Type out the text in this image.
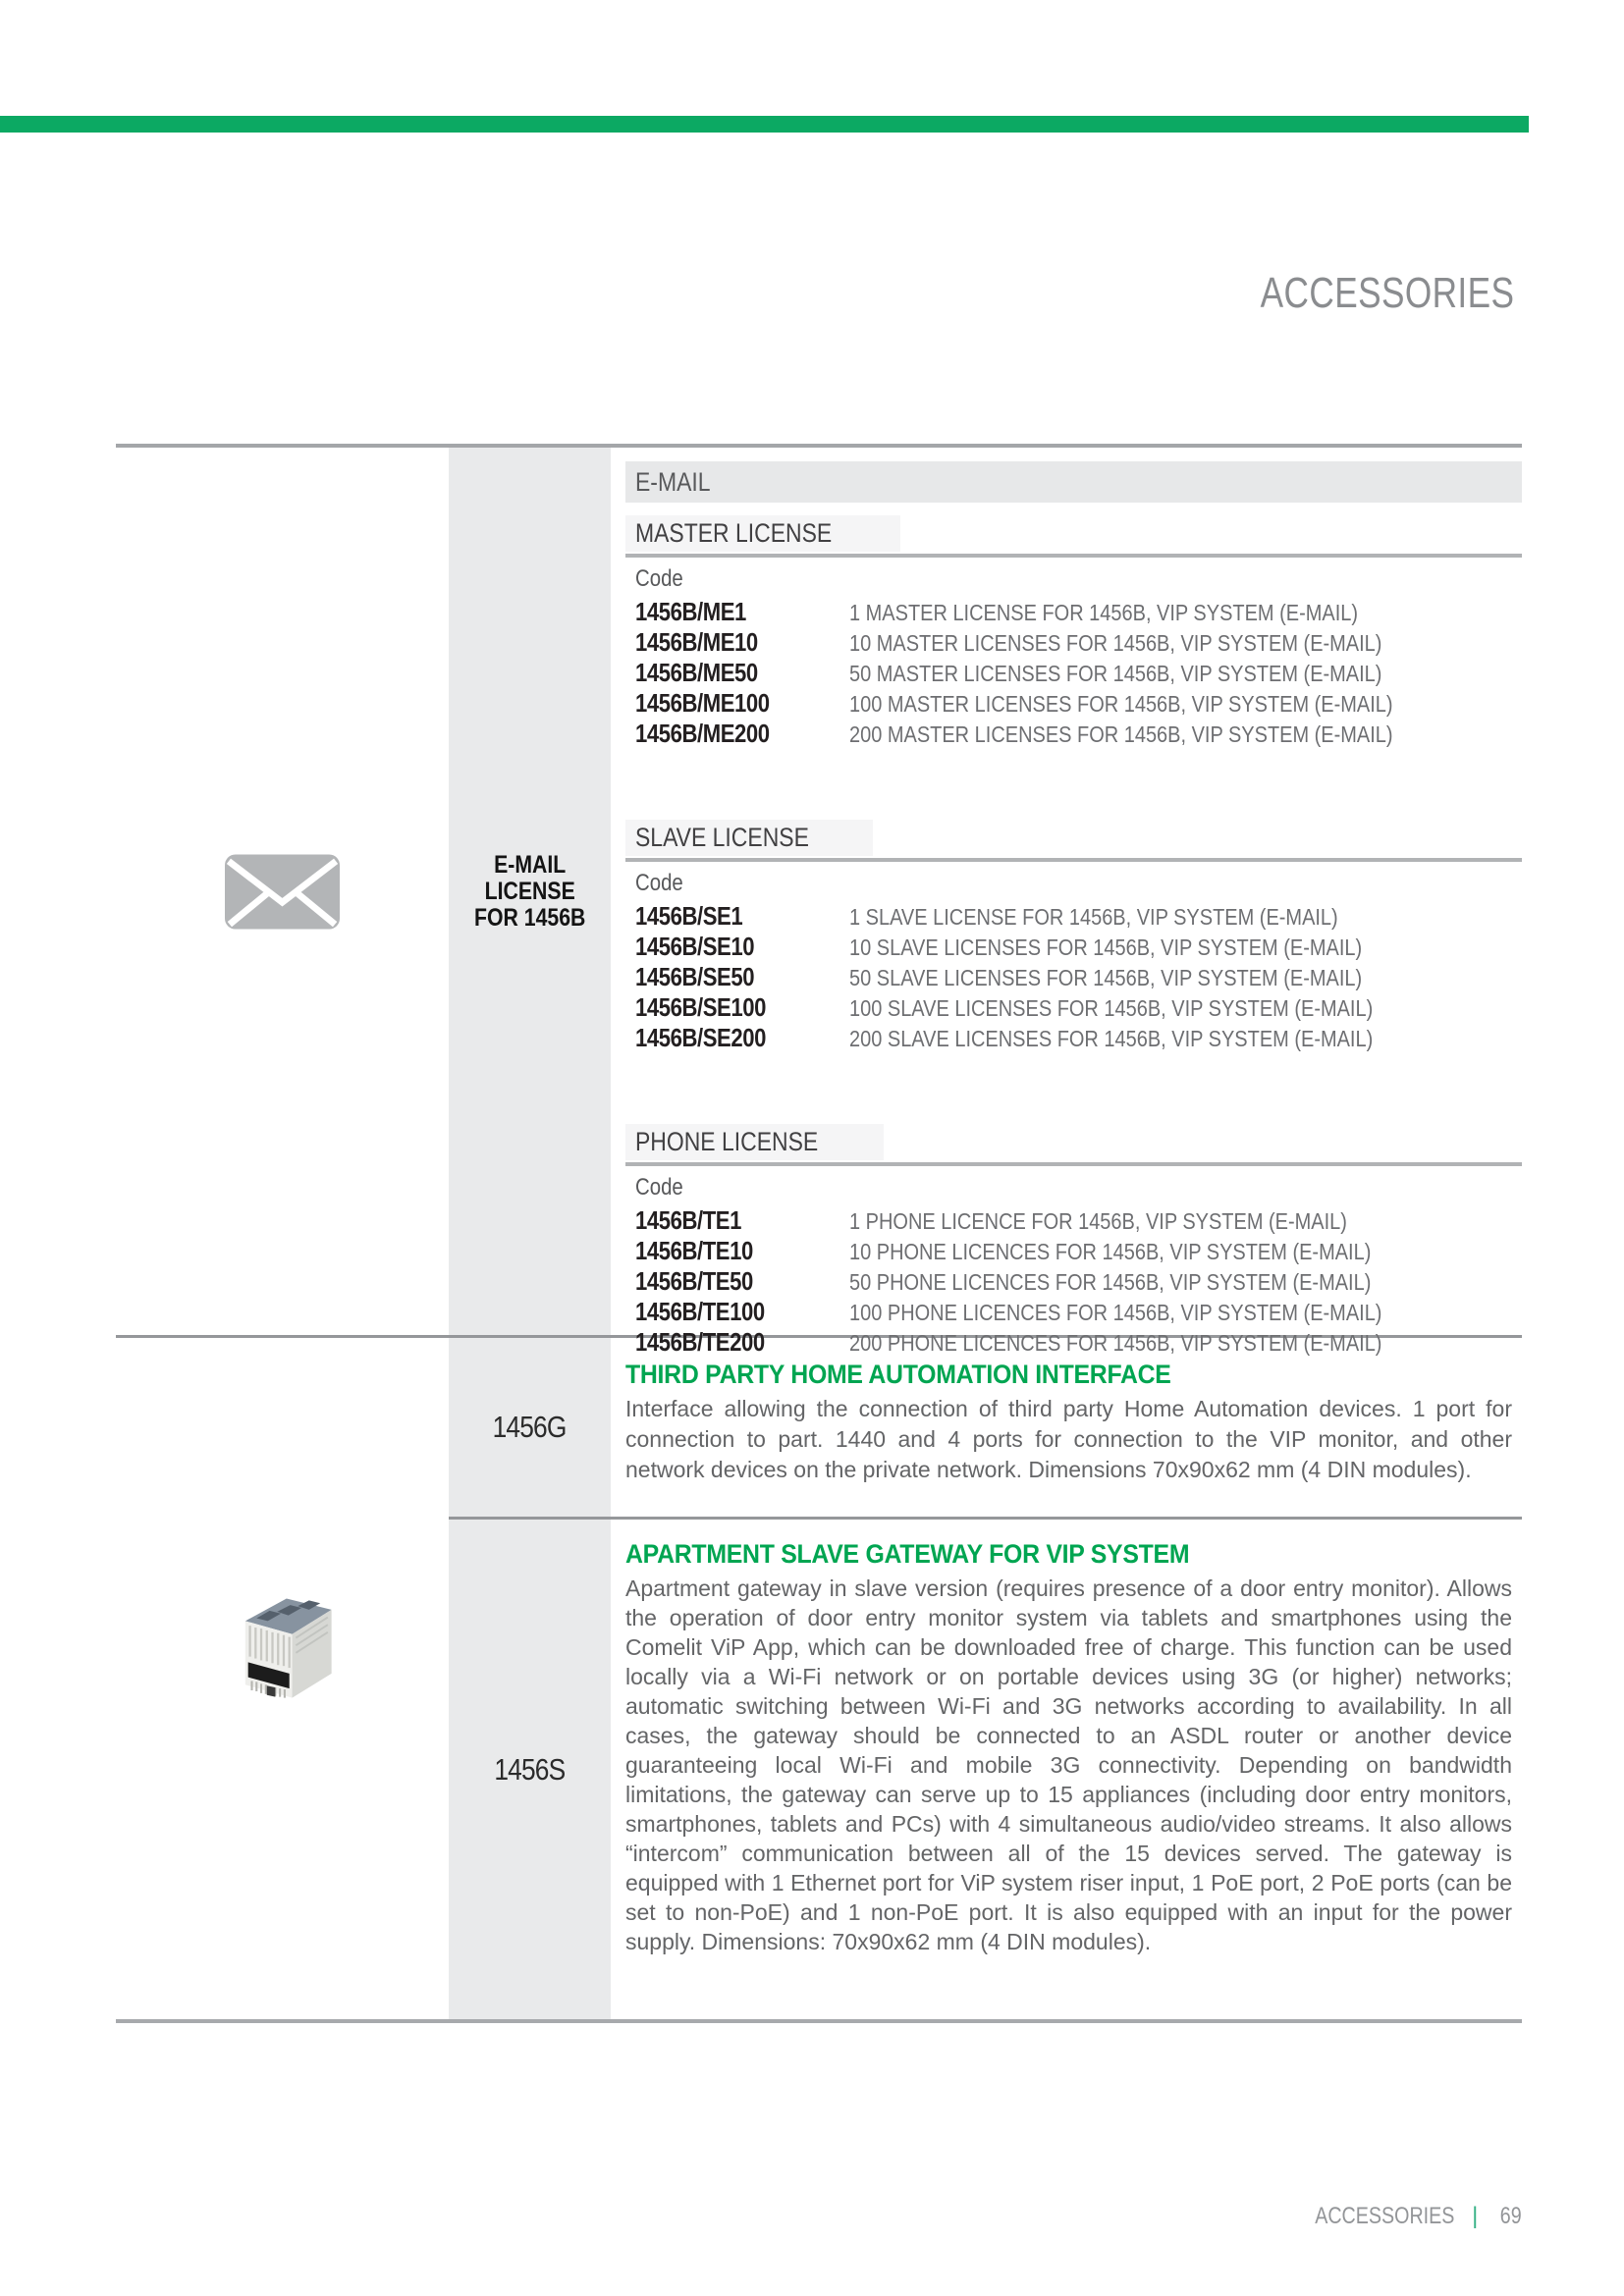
ACCESSORIES
E-MAIL
LICENSE
FOR 1456B
E-MAIL
MASTER LICENSE
Code
1456B/ME1	1 MASTER LICENSE FOR 1456B, VIP SYSTEM (E-MAIL)
1456B/ME10	10 MASTER LICENSES FOR 1456B, VIP SYSTEM (E-MAIL)
1456B/ME50	50 MASTER LICENSES FOR 1456B, VIP SYSTEM (E-MAIL)
1456B/ME100	100 MASTER LICENSES FOR 1456B, VIP SYSTEM (E-MAIL)
1456B/ME200	200 MASTER LICENSES FOR 1456B, VIP SYSTEM (E-MAIL)
SLAVE LICENSE
Code
1456B/SE1	1 SLAVE LICENSE FOR 1456B, VIP SYSTEM (E-MAIL)
1456B/SE10	10 SLAVE LICENSES FOR 1456B, VIP SYSTEM (E-MAIL)
1456B/SE50	50 SLAVE LICENSES FOR 1456B, VIP SYSTEM (E-MAIL)
1456B/SE100	100 SLAVE LICENSES FOR 1456B, VIP SYSTEM (E-MAIL)
1456B/SE200	200 SLAVE LICENSES FOR 1456B, VIP SYSTEM (E-MAIL)
PHONE LICENSE
Code
1456B/TE1	1 PHONE LICENCE FOR 1456B, VIP SYSTEM (E-MAIL)
1456B/TE10	10 PHONE LICENCES FOR 1456B, VIP SYSTEM (E-MAIL)
1456B/TE50	50 PHONE LICENCES FOR 1456B, VIP SYSTEM (E-MAIL)
1456B/TE100	100 PHONE LICENCES FOR 1456B, VIP SYSTEM (E-MAIL)
1456B/TE200	200 PHONE LICENCES FOR 1456B, VIP SYSTEM (E-MAIL)
1456G
THIRD PARTY HOME AUTOMATION INTERFACE
Interface allowing the connection of third party Home Automation devices. 1 port for connection to part. 1440 and 4 ports for connection to the VIP monitor, and other network devices on the private network. Dimensions 70x90x62 mm (4 DIN modules).
1456S
APARTMENT SLAVE GATEWAY FOR VIP SYSTEM
Apartment gateway in slave version (requires presence of a door entry monitor). Allows the operation of door entry monitor system via tablets and smartphones using the Comelit ViP App, which can be downloaded free of charge. This function can be used locally via a Wi-Fi network or on portable devices using 3G (or higher) networks; automatic switching between Wi-Fi and 3G networks according to availability. In all cases, the gateway should be connected to an ASDL router or another device guaranteeing local Wi-Fi and mobile 3G connectivity. Depending on bandwidth limitations, the gateway can serve up to 15 appliances (including door entry monitors, smartphones, tablets and PCs) with 4 simultaneous audio/video streams. It also allows “intercom” communication between all of the 15 devices served. The gateway is equipped with 1 Ethernet port for ViP system riser input, 1 PoE port, 2 PoE ports (can be set to non-PoE) and 1 non-PoE port. It is also equipped with an input for the power supply. Dimensions: 70x90x62 mm (4 DIN modules).
ACCESSORIES | 69
